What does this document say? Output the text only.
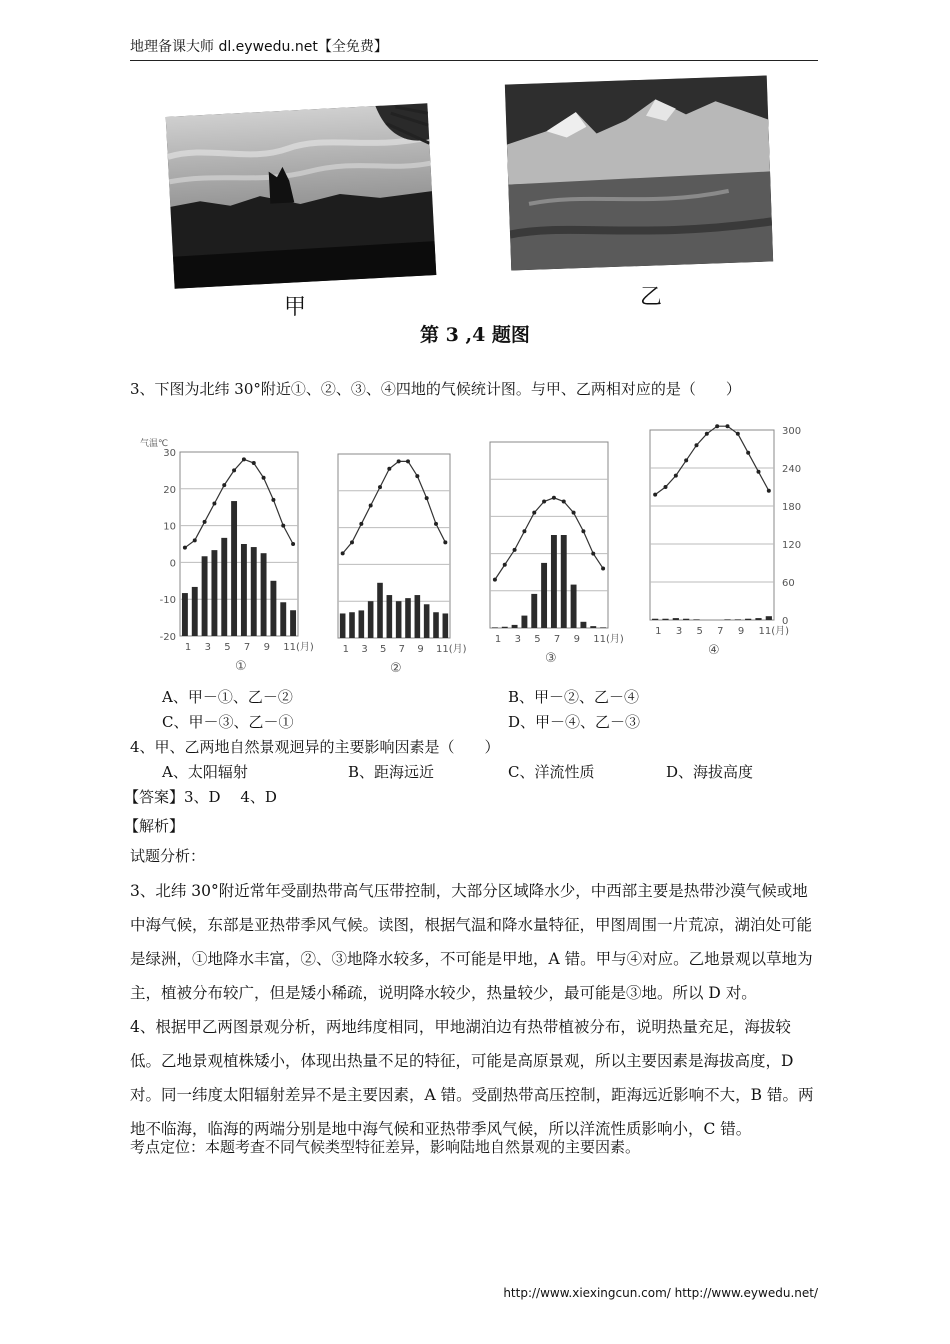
地理备课大师 dl.eywedu.net【全免费】
甲	乙
第 3 ,4 题图
3、下图为北纬 30°附近①、②、③、④四地的气候统计图。与甲、乙两相对应的是（　　）
1 3 5 7 9 11(月)
①
1 3 5 7 9 11(月)
②
1 3 5 7 9 11(月)
③
1 3 5 7 9 11(月)
④
气温℃
30
20
10
0
-10
-20
300
240
180
120
60
0
A、甲－①、乙－②	B、甲－②、乙－④
C、甲－③、乙－①	D、甲－④、乙－③
4、甲、乙两地自然景观迥异的主要影响因素是（　　）
A、太阳辐射	B、距海远近	C、洋流性质	D、海拔高度
【答案】3、D　 4、D
【解析】
试题分析：
3、北纬 30°附近常年受副热带高气压带控制，大部分区域降水少，中西部主要是热带沙漠气候或地中海气候，东部是亚热带季风气候。读图，根据气温和降水量特征，甲图周围一片荒凉，湖泊处可能是绿洲，①地降水丰富，②、③地降水较多，不可能是甲地，A 错。甲与④对应。乙地景观以草地为主，植被分布较广，但是矮小稀疏，说明降水较少，热量较少，最可能是③地。所以 D 对。
4、根据甲乙两图景观分析，两地纬度相同，甲地湖泊边有热带植被分布，说明热量充足，海拔较低。乙地景观植株矮小，体现出热量不足的特征，可能是高原景观，所以主要因素是海拔高度，D 对。同一纬度太阳辐射差异不是主要因素，A 错。受副热带高压控制，距海远近影响不大，B 错。两地不临海，临海的两端分别是地中海气候和亚热带季风气候，所以洋流性质影响小，C 错。
考点定位：本题考查不同气候类型特征差异，影响陆地自然景观的主要因素。
http://www.xiexingcun.com/ http://www.eywedu.net/
